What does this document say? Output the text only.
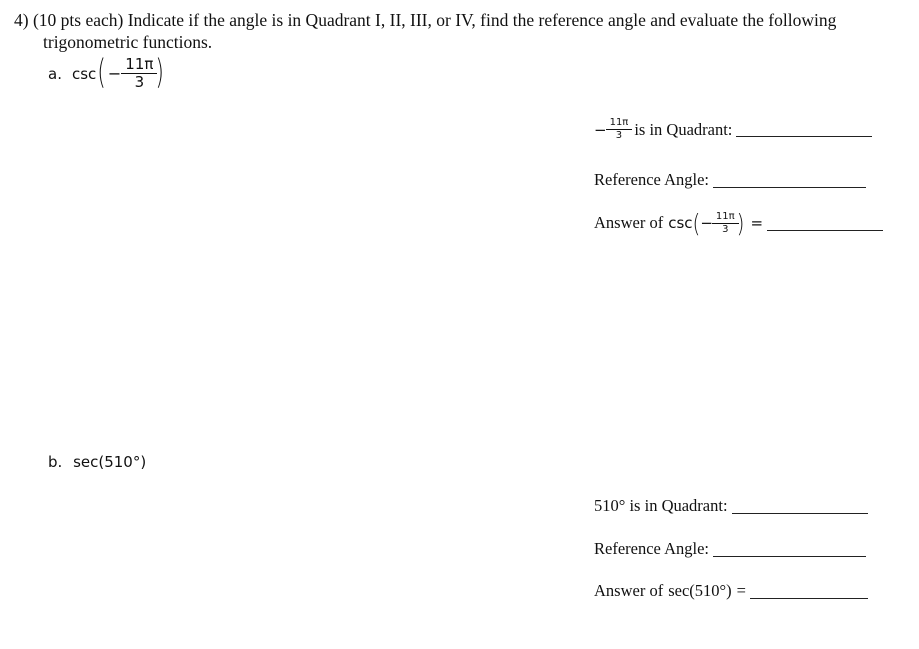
4) (10 pts each) Indicate if the angle is in Quadrant I, II, III, or IV, find the reference angle and evaluate the following
trigonometric functions.
a. csc ( − $\frac{11\pi}{3}$ )
− $\frac{11\pi}{3}$ is in Quadrant:
Reference Angle:
Answer of csc ( − $\frac{11\pi}{3}$ ) =
b. sec(510°)
510° is in Quadrant:
Reference Angle:
Answer of sec(510°) =
